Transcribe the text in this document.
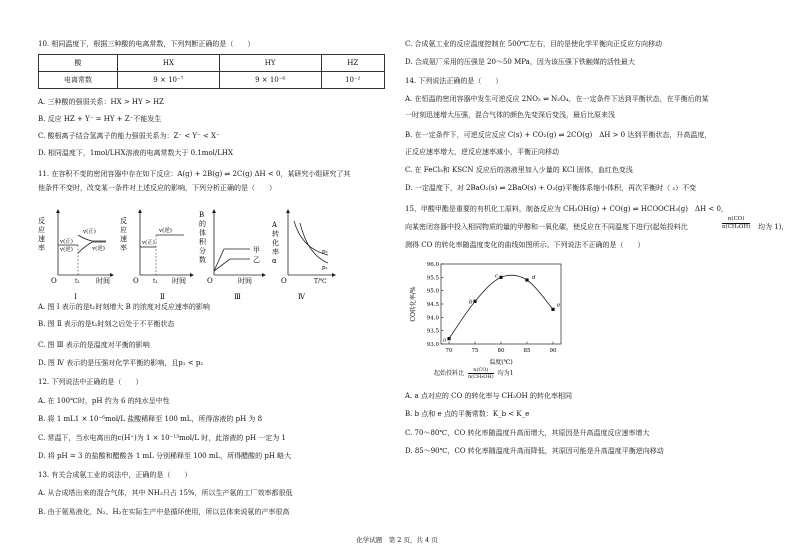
10. 相同温度下，根据三种酸的电离常数，下列判断正确的是（　　）
酸	HX	HY	HZ
电离常数	9 × 10⁻⁷	9 × 10⁻⁶	10⁻²
A. 三种酸的强弱关系：HX > HY > HZ
B. 反应 HZ + Y⁻ = HY + Z⁻不能发生
C. 酸根离子结合氢离子的能力强弱关系为：Z⁻ < Y⁻ < X⁻
D. 相同温度下，1mol/LHX溶液的电离常数大于 0.1mol/LHX
11. 在容积不变的密闭容器中存在如下反应：A(g) + 2B(g) ⇌ 2C(g) ΔH < 0，某研究小组研究了其
他条件不变时，改变某一条件对上述反应的影响，下列分析正确的是（　　）
反
应
速
率
v(正)
v(正)
v(逆)	v(逆)
O	t₁ 时间
Ⅰ
反
应
速
率
v(正)
v(逆)
O t₁ 时间
Ⅱ
B
的
体
积
分
数
甲
乙
O	时间
Ⅲ
A
转
化
率
α
p₂
p₁
O	T/℃
Ⅳ
A. 图 Ⅰ 表示的是t₁时刻增大 B 的浓度对反应速率的影响
B. 图 Ⅱ 表示的是t₁时刻之后处于不平衡状态
C. 图 Ⅲ 表示的是温度对平衡的影响
D. 图 Ⅳ 表示的是压强对化学平衡的影响，且p₁ < p₂
12. 下列说法中正确的是（　　）
A. 在 100℃时，pH 约为 6 的纯水呈中性
B. 将 1 mL1 × 10⁻⁶mol/L 盐酸稀释至 100 mL，所得溶液的 pH 为 8
C. 常温下，当水电离出的c(H⁺)为 1 × 10⁻¹³mol/L 时，此溶液的 pH 一定为 1
D. 将 pH = 3 的盐酸和醋酸各 1 mL 分别稀释至 100 mL，所得醋酸的 pH 略大
13. 有关合成氨工业的说法中，正确的是（　　）
A. 从合成塔出来的混合气体，其中 NH₃只占 15%，所以生产氨的工厂效率都很低
B. 由于氨易液化，N₂、H₂在实际生产中是循环使用，所以总体来说氨的产率很高
C. 合成氨工业的反应温度控制在 500℃左右，目的是使化学平衡向正反应方向移动
D. 合成氨厂采用的压强是 20～50 MPa，因为该压强下铁触媒的活性最大
14. 下列说法正确的是（　　）
A. 在恒温的密闭容器中发生可逆反应 2NO₂ ⇌ N₂O₄，在一定条件下达到平衡状态，在平衡后的某
一时刻迅速增大压强，混合气体的颜色先变深后变浅，最后比原来浅
B. 在一定条件下，可逆反应反应 C(s) + CO₂(g) ⇌ 2CO(g)　ΔH > 0 达到平衡状态，升高温度，
正反应速率增大，逆反应速率减小，平衡正向移动
C. 在 FeCl₃和 KSCN 反应后的溶液里加入少量的 KCl 固体，血红色变浅
D. 一定温度下，对 2BaO₂(s) ⇌ 2BaO(s) + O₂(g)平衡体系缩小体积，再次平衡时（ ₂）不变
15、甲酸甲酯是重要的有机化工原料，制备反应为 CH₃OH(g) + CO(g) ⇌ HCOOCH₃(g)　ΔH < 0，
向某密闭容器中投入相同物质的量的甲醇和一氧化碳，使反应在不同温度下进行(起始投料比	$\frac{n(CO)}{\text{n(CH₃OH)}}$ 均为 1)，
测得 CO 的转化率随温度变化的曲线如图所示。下列说法不正确的是（　　）
93.0
93.5
94.0
94.5
95.0
95.5
96.0
70	75	80	85	90
a
b
c	d
e
CO转化率/%
温度(℃)
起始投料比 $\frac{n(CO)}{\text{n(CH₃OH)}}$ 均为1
A. a 点对应的 CO 的转化率与 CH₃OH 的转化率相同
B. b 点和 e 点的平衡常数：K_b < K_e
C. 70～80℃，CO 转化率随温度升高而增大，其原因是升高温度反应速率增大
D. 85～90℃，CO 转化率随温度升高而降低，其原因可能是升高温度平衡逆向移动
化学试题　第 2 页，共 4 页
